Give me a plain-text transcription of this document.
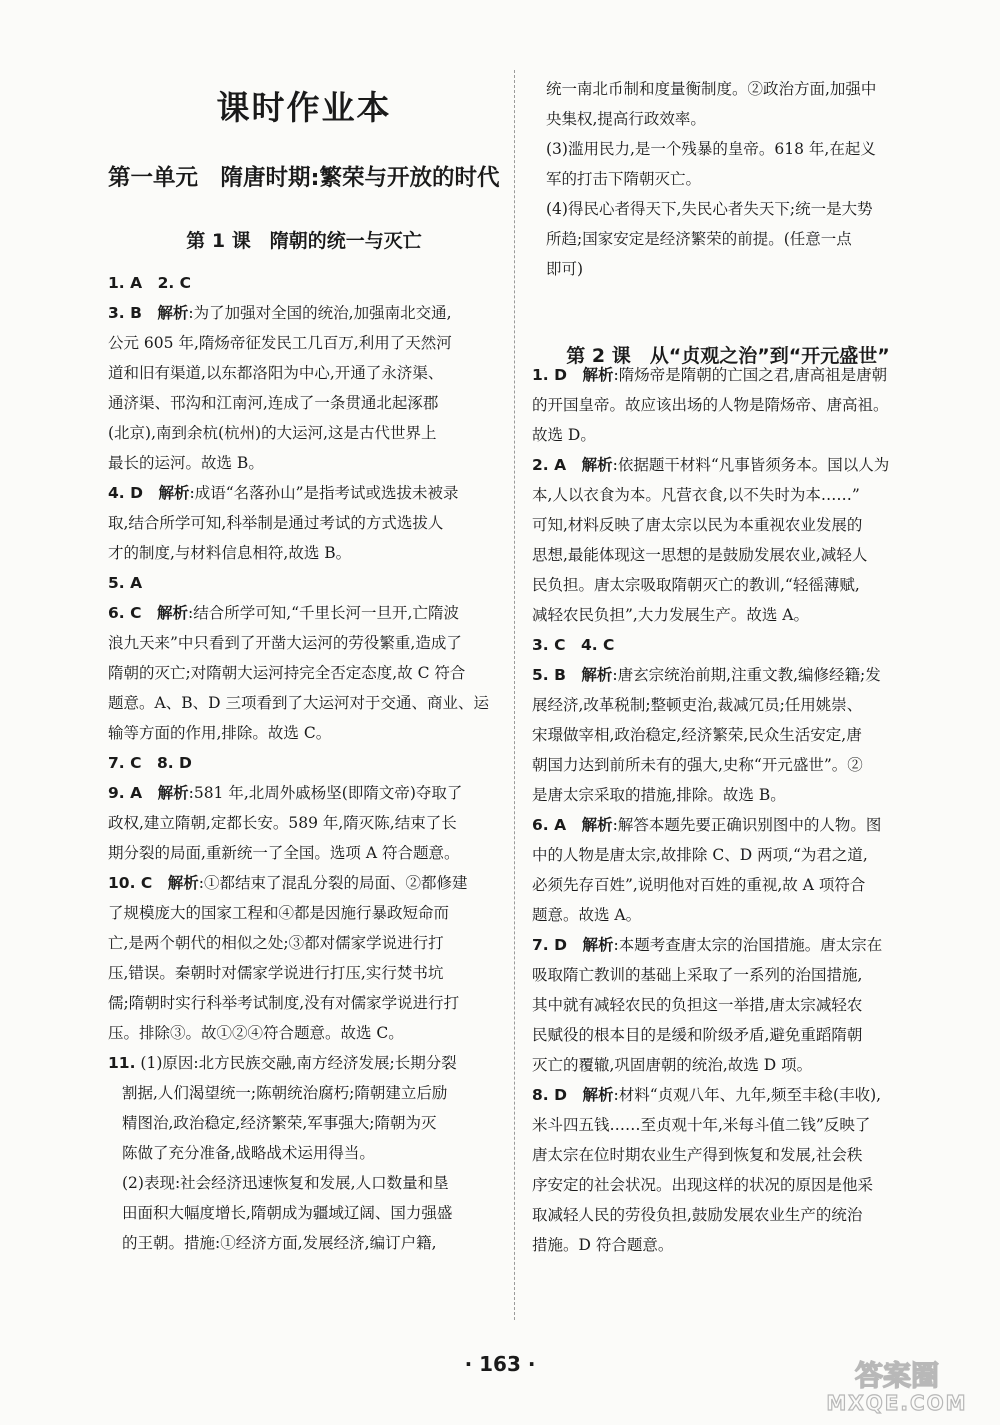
课时作业本
第一单元　隋唐时期:繁荣与开放的时代
第 1 课　隋朝的统一与灭亡
1. A　2. C
3. B　 解析:为了加强对全国的统治,加强南北交通,
公元 605 年,隋炀帝征发民工几百万,利用了天然河
道和旧有渠道,以东都洛阳为中心,开通了永济渠、
通济渠、邗沟和江南河,连成了一条贯通北起涿郡
(北京),南到余杭(杭州)的大运河,这是古代世界上
最长的运河。故选 B。
4. D　 解析:成语“名落孙山”是指考试或选拔未被录
取,结合所学可知,科举制是通过考试的方式选拔人
才的制度,与材料信息相符,故选 B。
5. A
6. C　 解析:结合所学可知,“千里长河一旦开,亡隋波
浪九天来”中只看到了开凿大运河的劳役繁重,造成了
隋朝的灭亡;对隋朝大运河持完全否定态度,故 C 符合
题意。A、B、D 三项看到了大运河对于交通、商业、运
输等方面的作用,排除。故选 C。
7. C　8. D
9. A　 解析:581 年,北周外戚杨坚(即隋文帝)夺取了
政权,建立隋朝,定都长安。589 年,隋灭陈,结束了长
期分裂的局面,重新统一了全国。选项 A 符合题意。
10. C　 解析:①都结束了混乱分裂的局面、②都修建
了规模庞大的国家工程和④都是因施行暴政短命而
亡,是两个朝代的相似之处;③都对儒家学说进行打
压,错误。秦朝时对儒家学说进行打压,实行焚书坑
儒;隋朝时实行科举考试制度,没有对儒家学说进行打
压。排除③。故①②④符合题意。故选 C。
11. (1)原因:北方民族交融,南方经济发展;长期分裂
割据,人们渴望统一;陈朝统治腐朽;隋朝建立后励
精图治,政治稳定,经济繁荣,军事强大;隋朝为灭
陈做了充分准备,战略战术运用得当。
(2)表现:社会经济迅速恢复和发展,人口数量和垦
田面积大幅度增长,隋朝成为疆域辽阔、国力强盛
的王朝。措施:①经济方面,发展经济,编订户籍,
统一南北币制和度量衡制度。②政治方面,加强中
央集权,提高行政效率。
(3)滥用民力,是一个残暴的皇帝。618 年,在起义
军的打击下隋朝灭亡。
(4)得民心者得天下,失民心者失天下;统一是大势
所趋;国家安定是经济繁荣的前提。(任意一点
即可)
第 2 课　从“贞观之治”到“开元盛世”
1. D　 解析:隋炀帝是隋朝的亡国之君,唐高祖是唐朝
的开国皇帝。故应该出场的人物是隋炀帝、唐高祖。
故选 D。
2. A　 解析:依据题干材料“凡事皆须务本。国以人为
本,人以衣食为本。凡营衣食,以不失时为本……”
可知,材料反映了唐太宗以民为本重视农业发展的
思想,最能体现这一思想的是鼓励发展农业,减轻人
民负担。唐太宗吸取隋朝灭亡的教训,“轻徭薄赋,
减轻农民负担”,大力发展生产。故选 A。
3. C　4. C
5. B　 解析:唐玄宗统治前期,注重文教,编修经籍;发
展经济,改革税制;整顿吏治,裁减冗员;任用姚崇、
宋璟做宰相,政治稳定,经济繁荣,民众生活安定,唐
朝国力达到前所未有的强大,史称“开元盛世”。②
是唐太宗采取的措施,排除。故选 B。
6. A　 解析:解答本题先要正确识别图中的人物。图
中的人物是唐太宗,故排除 C、D 两项,“为君之道,
必须先存百姓”,说明他对百姓的重视,故 A 项符合
题意。故选 A。
7. D　 解析:本题考查唐太宗的治国措施。唐太宗在
吸取隋亡教训的基础上采取了一系列的治国措施,
其中就有减轻农民的负担这一举措,唐太宗减轻农
民赋役的根本目的是缓和阶级矛盾,避免重蹈隋朝
灭亡的覆辙,巩固唐朝的统治,故选 D 项。
8. D　 解析:材料“贞观八年、九年,频至丰稔(丰收),
米斗四五钱……至贞观十年,米每斗值二钱”反映了
唐太宗在位时期农业生产得到恢复和发展,社会秩
序安定的社会状况。出现这样的状况的原因是他采
取减轻人民的劳役负担,鼓励发展农业生产的统治
措施。D 符合题意。
· 163 ·	答案圈
MXQE.COM
